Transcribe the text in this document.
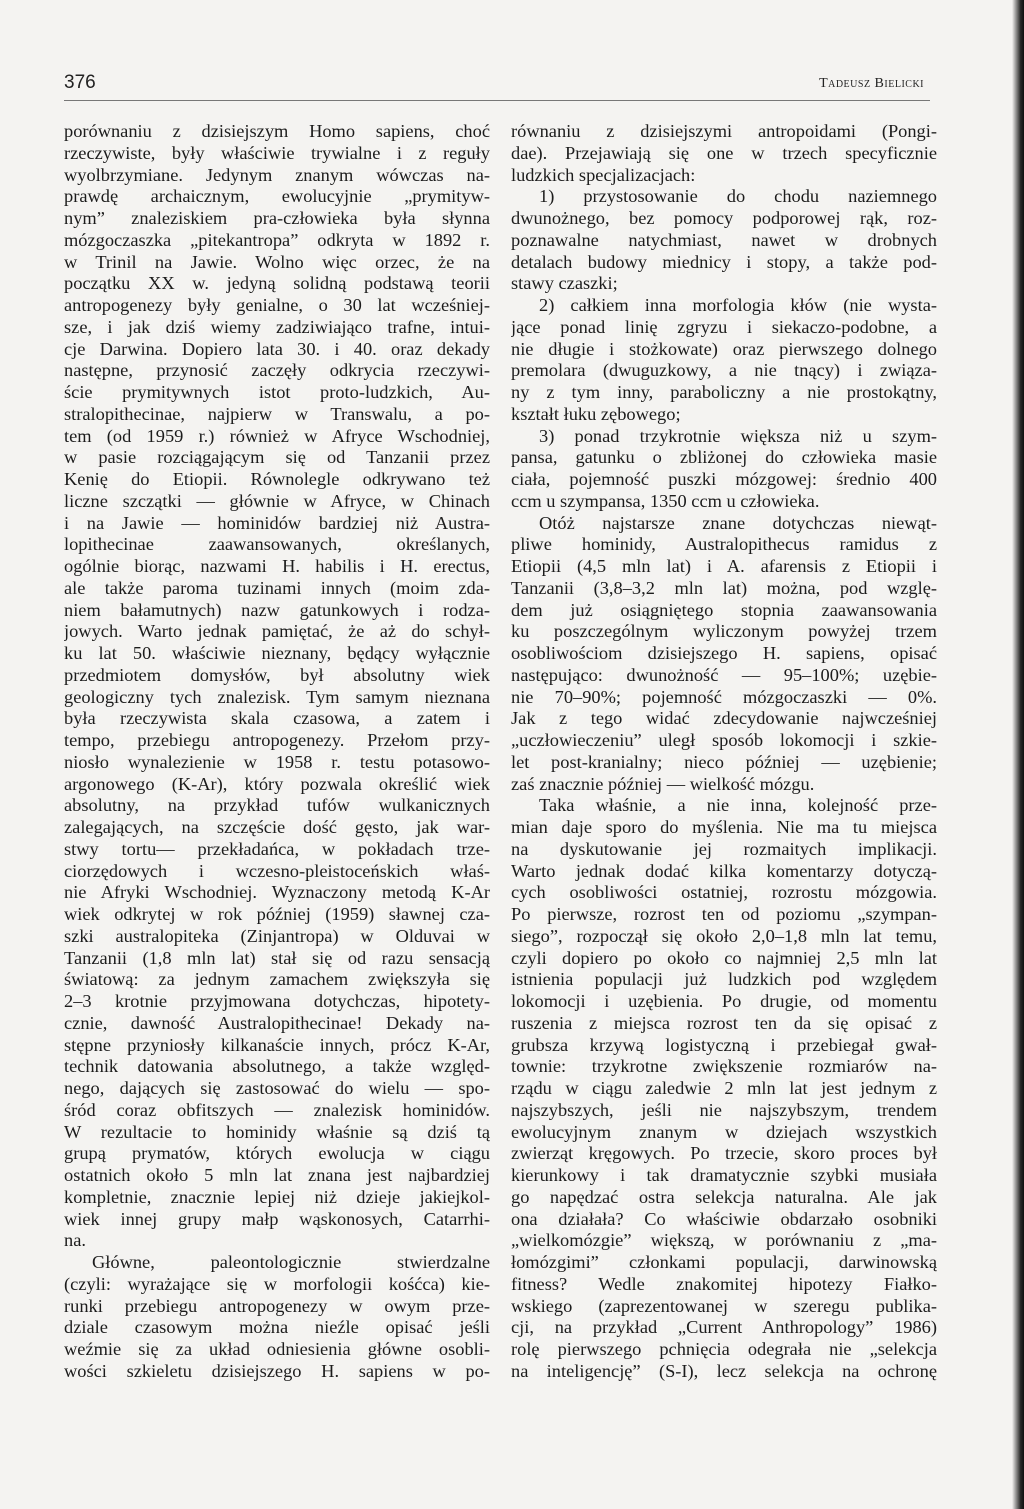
376	Tadeusz Bielicki
porównaniu z dzisiejszym Homo sapiens, choć
rzeczywiste, były właściwie trywialne i z reguły
wyolbrzymiane. Jedynym znanym wówczas na-
prawdę archaicznym, ewolucyjnie „prymityw-
nym” znaleziskiem pra-człowieka była słynna
mózgoczaszka „pitekantropa” odkryta w 1892 r.
w Trinil na Jawie. Wolno więc orzec, że na
początku XX w. jedyną solidną podstawą teorii
antropogenezy były genialne, o 30 lat wcześniej-
sze, i jak dziś wiemy zadziwiająco trafne, intui-
cje Darwina. Dopiero lata 30. i 40. oraz dekady
następne, przynosić zaczęły odkrycia rzeczywi-
ście prymitywnych istot proto-ludzkich, Au-
stralopithecinae, najpierw w Transwalu, a po-
tem (od 1959 r.) również w Afryce Wschodniej,
w pasie rozciągającym się od Tanzanii przez
Kenię do Etiopii. Równolegle odkrywano też
liczne szczątki — głównie w Afryce, w Chinach
i na Jawie — hominidów bardziej niż Austra-
lopithecinae zaawansowanych, określanych,
ogólnie biorąc, nazwami H. habilis i H. erectus,
ale także paroma tuzinami innych (moim zda-
niem bałamutnych) nazw gatunkowych i rodza-
jowych. Warto jednak pamiętać, że aż do schył-
ku lat 50. właściwie nieznany, będący wyłącznie
przedmiotem domysłów, był absolutny wiek
geologiczny tych znalezisk. Tym samym nieznana
była rzeczywista skala czasowa, a zatem i
tempo, przebiegu antropogenezy. Przełom przy-
niosło wynalezienie w 1958 r. testu potasowo-
argonowego (K-Ar), który pozwala określić wiek
absolutny, na przykład tufów wulkanicznych
zalegających, na szczęście dość gęsto, jak war-
stwy tortu— przekładańca, w pokładach trze-
ciorzędowych i wczesno-pleistoceńskich właś-
nie Afryki Wschodniej. Wyznaczony metodą K-Ar
wiek odkrytej w rok później (1959) sławnej cza-
szki australopiteka (Zinjantropa) w Olduvai w
Tanzanii (1,8 mln lat) stał się od razu sensacją
światową: za jednym zamachem zwiększyła się
2–3 krotnie przyjmowana dotychczas, hipotety-
cznie, dawność Australopithecinae! Dekady na-
stępne przyniosły kilkanaście innych, prócz K-Ar,
technik datowania absolutnego, a także względ-
nego, dających się zastosować do wielu — spo-
śród coraz obfitszych — znalezisk hominidów.
W rezultacie to hominidy właśnie są dziś tą
grupą prymatów, których ewolucja w ciągu
ostatnich około 5 mln lat znana jest najbardziej
kompletnie, znacznie lepiej niż dzieje jakiejkol-
wiek innej grupy małp wąskonosych, Catarrhi-
na.
Główne, paleontologicznie stwierdzalne
(czyli: wyrażające się w morfologii kośćca) kie-
runki przebiegu antropogenezy w owym prze-
dziale czasowym można nieźle opisać jeśli
weźmie się za układ odniesienia główne osobli-
wości szkieletu dzisiejszego H. sapiens w po-
równaniu z dzisiejszymi antropoidami (Pongi-
dae). Przejawiają się one w trzech specyficznie
ludzkich specjalizacjach:
1) przystosowanie do chodu naziemnego
dwunożnego, bez pomocy podporowej rąk, roz-
poznawalne natychmiast, nawet w drobnych
detalach budowy miednicy i stopy, a także pod-
stawy czaszki;
2) całkiem inna morfologia kłów (nie wysta-
jące ponad linię zgryzu i siekaczo-podobne, a
nie długie i stożkowate) oraz pierwszego dolnego
premolara (dwuguzkowy, a nie tnący) i związa-
ny z tym inny, paraboliczny a nie prostokątny,
kształt łuku zębowego;
3) ponad trzykrotnie większa niż u szym-
pansa, gatunku o zbliżonej do człowieka masie
ciała, pojemność puszki mózgowej: średnio 400
ccm u szympansa, 1350 ccm u człowieka.
Otóż najstarsze znane dotychczas niewąt-
pliwe hominidy, Australopithecus ramidus z
Etiopii (4,5 mln lat) i A. afarensis z Etiopii i
Tanzanii (3,8–3,2 mln lat) można, pod wzglę-
dem już osiągniętego stopnia zaawansowania
ku poszczególnym wyliczonym powyżej trzem
osobliwościom dzisiejszego H. sapiens, opisać
następująco: dwunożność — 95–100%; uzębie-
nie 70–90%; pojemność mózgoczaszki — 0%.
Jak z tego widać zdecydowanie najwcześniej
„uczłowieczeniu” uległ sposób lokomocji i szkie-
let post-kranialny; nieco później — uzębienie;
zaś znacznie później — wielkość mózgu.
Taka właśnie, a nie inna, kolejność prze-
mian daje sporo do myślenia. Nie ma tu miejsca
na dyskutowanie jej rozmaitych implikacji.
Warto jednak dodać kilka komentarzy dotyczą-
cych osobliwości ostatniej, rozrostu mózgowia.
Po pierwsze, rozrost ten od poziomu „szympan-
siego”, rozpoczął się około 2,0–1,8 mln lat temu,
czyli dopiero po około co najmniej 2,5 mln lat
istnienia populacji już ludzkich pod względem
lokomocji i uzębienia. Po drugie, od momentu
ruszenia z miejsca rozrost ten da się opisać z
grubsza krzywą logistyczną i przebiegał gwał-
townie: trzykrotne zwiększenie rozmiarów na-
rządu w ciągu zaledwie 2 mln lat jest jednym z
najszybszych, jeśli nie najszybszym, trendem
ewolucyjnym znanym w dziejach wszystkich
zwierząt kręgowych. Po trzecie, skoro proces był
kierunkowy i tak dramatycznie szybki musiała
go napędzać ostra selekcja naturalna. Ale jak
ona działała? Co właściwie obdarzało osobniki
„wielkomózgie” większą, w porównaniu z „ma-
łomózgimi” członkami populacji, darwinowską
fitness? Wedle znakomitej hipotezy Fiałko-
wskiego (zaprezentowanej w szeregu publika-
cji, na przykład „Current Anthropology” 1986)
rolę pierwszego pchnięcia odegrała nie „selekcja
na inteligencję” (S-I), lecz selekcja na ochronę
